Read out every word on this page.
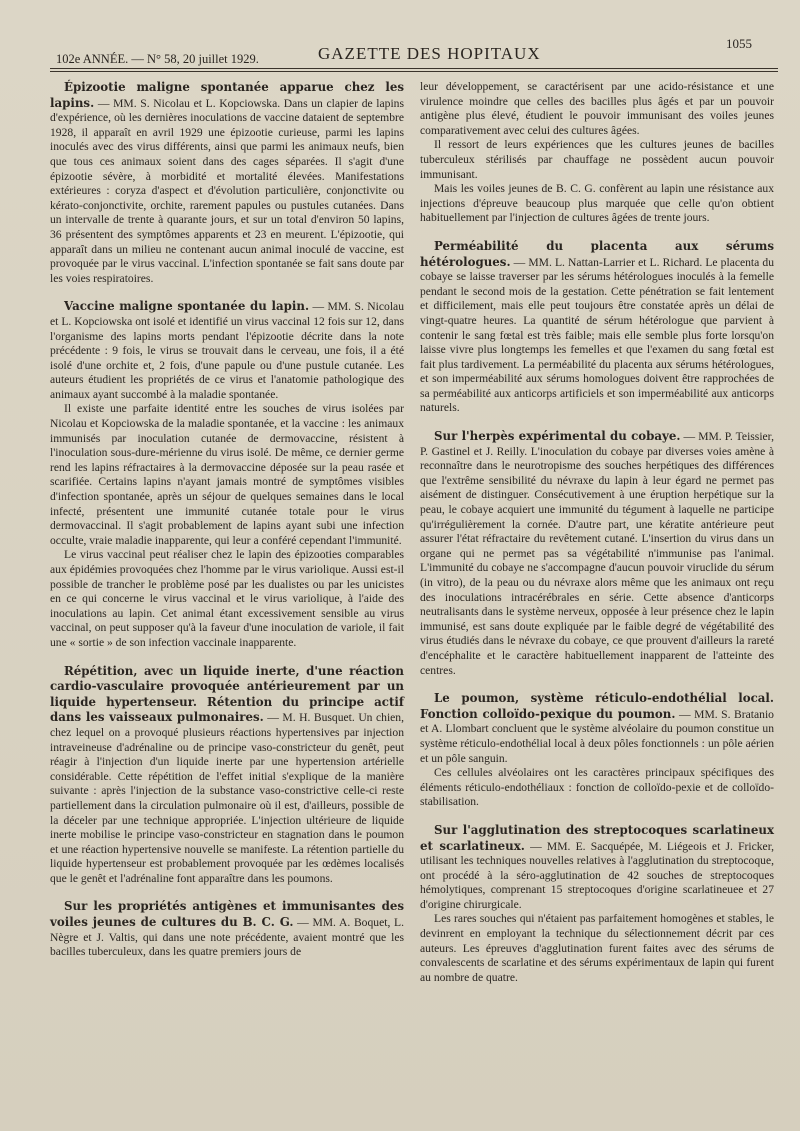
102e ANNÉE. — N° 58, 20 juillet 1929.	GAZETTE DES HOPITAUX
1055

Épizootie maligne spontanée apparue chez les lapins. — MM. S. Nicolau et L. Kopciowska. Dans un clapier de lapins d'expérience, où les dernières inoculations de vaccine dataient de septembre 1928, il apparaît en avril 1929 une épizootie curieuse, parmi les lapins inoculés avec des virus différents, ainsi que parmi les animaux neufs, bien que tous ces animaux soient dans des cages séparées. Il s'agit d'une épizootie sévère, à morbidité et mortalité élevées. Manifestations extérieures : coryza d'aspect et d'évolution particulière, conjonctivite ou kérato-conjonctivite, orchite, rarement papules ou pustules cutanées. Dans un intervalle de trente à quarante jours, et sur un total d'environ 50 lapins, 36 présentent des symptômes apparents et 23 en meurent. L'épizootie, qui apparaît dans un milieu ne contenant aucun animal inoculé de vaccine, est provoquée par le virus vaccinal. L'infection spontanée se fait sans doute par les voies respiratoires.

Vaccine maligne spontanée du lapin. — MM. S. Nicolau et L. Kopciowska ont isolé et identifié un virus vaccinal 12 fois sur 12, dans l'organisme des lapins morts pendant l'épizootie décrite dans la note précédente : 9 fois, le virus se trouvait dans le cerveau, une fois, il a été isolé d'une orchite et, 2 fois, d'une papule ou d'une pustule cutanée. Les auteurs étudient les propriétés de ce virus et l'anatomie pathologique des animaux ayant succombé à la maladie spontanée.

Il existe une parfaite identité entre les souches de virus isolées par Nicolau et Kopciowska de la maladie spontanée, et la vaccine : les animaux immunisés par inoculation cutanée de dermovaccine, résistent à l'inoculation sous-dure-mérienne du virus isolé. De même, ce dernier germe rend les lapins réfractaires à la dermovaccine déposée sur la peau rasée et scarifiée. Certains lapins n'ayant jamais montré de symptômes visibles d'infection spontanée, après un séjour de quelques semaines dans le local infecté, présentent une immunité cutanée totale pour le virus dermovaccinal. Il s'agit probablement de lapins ayant subi une infection occulte, vraie maladie inapparente, qui leur a conféré cependant l'immunité.

Le virus vaccinal peut réaliser chez le lapin des épizooties comparables aux épidémies provoquées chez l'homme par le virus variolique. Aussi est-il possible de trancher le problème posé par les dualistes ou par les unicistes en ce qui concerne le virus vaccinal et le virus variolique, à l'aide des inoculations au lapin. Cet animal étant excessivement sensible au virus vaccinal, on peut supposer qu'à la faveur d'une inoculation de variole, il fait une « sortie » de son infection vaccinale inapparente.

Répétition, avec un liquide inerte, d'une réaction cardio-vasculaire provoquée antérieurement par un liquide hypertenseur. Rétention du principe actif dans les vaisseaux pulmonaires. — M. H. Busquet. Un chien, chez lequel on a provoqué plusieurs réactions hypertensives par injection intraveineuse d'adrénaline ou de principe vaso-constricteur du genêt, peut réagir à l'injection d'un liquide inerte par une hypertension artérielle considérable. Cette répétition de l'effet initial s'explique de la manière suivante : après l'injection de la substance vaso-constrictive celle-ci reste partiellement dans la circulation pulmonaire où il est, d'ailleurs, possible de la déceler par une technique appropriée. L'injection ultérieure de liquide inerte mobilise le principe vaso-constricteur en stagnation dans le poumon et une réaction hypertensive nouvelle se manifeste. La rétention partielle du liquide hypertenseur est probablement provoquée par les œdèmes localisés que le genêt et l'adrénaline font apparaître dans les poumons.

Sur les propriétés antigènes et immunisantes des voiles jeunes de cultures du B. C. G. — MM. A. Boquet, L. Nègre et J. Valtis, qui dans une note précédente, avaient montré que les bacilles tuberculeux, dans les quatre premiers jours de

leur développement, se caractérisent par une acido-résistance et une virulence moindre que celles des bacilles plus âgés et par un pouvoir antigène plus élevé, étudient le pouvoir immunisant des voiles jeunes comparativement avec celui des cultures âgées.

Il ressort de leurs expériences que les cultures jeunes de bacilles tuberculeux stérilisés par chauffage ne possèdent aucun pouvoir immunisant.

Mais les voiles jeunes de B. C. G. confèrent au lapin une résistance aux injections d'épreuve beaucoup plus marquée que celle qu'on obtient habituellement par l'injection de cultures âgées de trente jours.

Perméabilité du placenta aux sérums hétérologues. — MM. L. Nattan-Larrier et L. Richard. Le placenta du cobaye se laisse traverser par les sérums hétérologues inoculés à la femelle pendant le second mois de la gestation. Cette pénétration se fait lentement et difficilement, mais elle peut toujours être constatée après un délai de vingt-quatre heures. La quantité de sérum hétérologue que parvient à contenir le sang fœtal est très faible; mais elle semble plus forte lorsqu'on laisse vivre plus longtemps les femelles et que l'examen du sang fœtal est fait plus tardivement. La perméabilité du placenta aux sérums hétérologues, et son imperméabilité aux sérums homologues doivent être rapprochées de sa perméabilité aux anticorps artificiels et son imperméabilité aux anticorps naturels.

Sur l'herpès expérimental du cobaye. — MM. P. Teissier, P. Gastinel et J. Reilly. L'inoculation du cobaye par diverses voies amène à reconnaître dans le neurotropisme des souches herpétiques des différences que l'extrême sensibilité du névraxe du lapin à leur égard ne permet pas aisément de distinguer. Consécutivement à une éruption herpétique sur la peau, le cobaye acquiert une immunité du tégument à laquelle ne participe qu'irrégulièrement la cornée. D'autre part, une kératite antérieure peut assurer l'état réfractaire du revêtement cutané. L'insertion du virus dans un organe qui ne permet pas sa végétabilité n'immunise pas l'animal. L'immunité du cobaye ne s'accompagne d'aucun pouvoir viruclide du sérum (in vitro), de la peau ou du névraxe alors même que les animaux ont reçu des inoculations intracérébrales en série. Cette absence d'anticorps neutralisants dans le système nerveux, opposée à leur présence chez le lapin immunisé, est sans doute expliquée par le faible degré de végétabilité des virus étudiés dans le névraxe du cobaye, ce que prouvent d'ailleurs la rareté d'encéphalite et le caractère habituellement inapparent de l'atteinte des centres.

Le poumon, système réticulo-endothélial local. Fonction colloïdo-pexique du poumon. — MM. S. Bratanio et A. Llombart concluent que le système alvéolaire du poumon constitue un système réticulo-endothélial local à deux pôles fonctionnels : un pôle aérien et un pôle sanguin.

Ces cellules alvéolaires ont les caractères principaux spécifiques des éléments réticulo-endothéliaux : fonction de colloïdo-pexie et de colloïdo-stabilisation.

Sur l'agglutination des streptocoques scarlatineux et scarlatineux. — MM. E. Sacquépée, M. Liégeois et J. Fricker, utilisant les techniques nouvelles relatives à l'agglutination du streptocoque, ont procédé à la séro-agglutination de 42 souches de streptocoques hémolytiques, comprenant 15 streptocoques d'origine scarlatineuee et 27 d'origine chirurgicale.

Les rares souches qui n'étaient pas parfaitement homogènes et stables, le devinrent en employant la technique du sélectionnement décrit par ces auteurs. Les épreuves d'agglutination furent faites avec des sérums de convalescents de scarlatine et des sérums expérimentaux de lapin qui furent au nombre de quatre.
